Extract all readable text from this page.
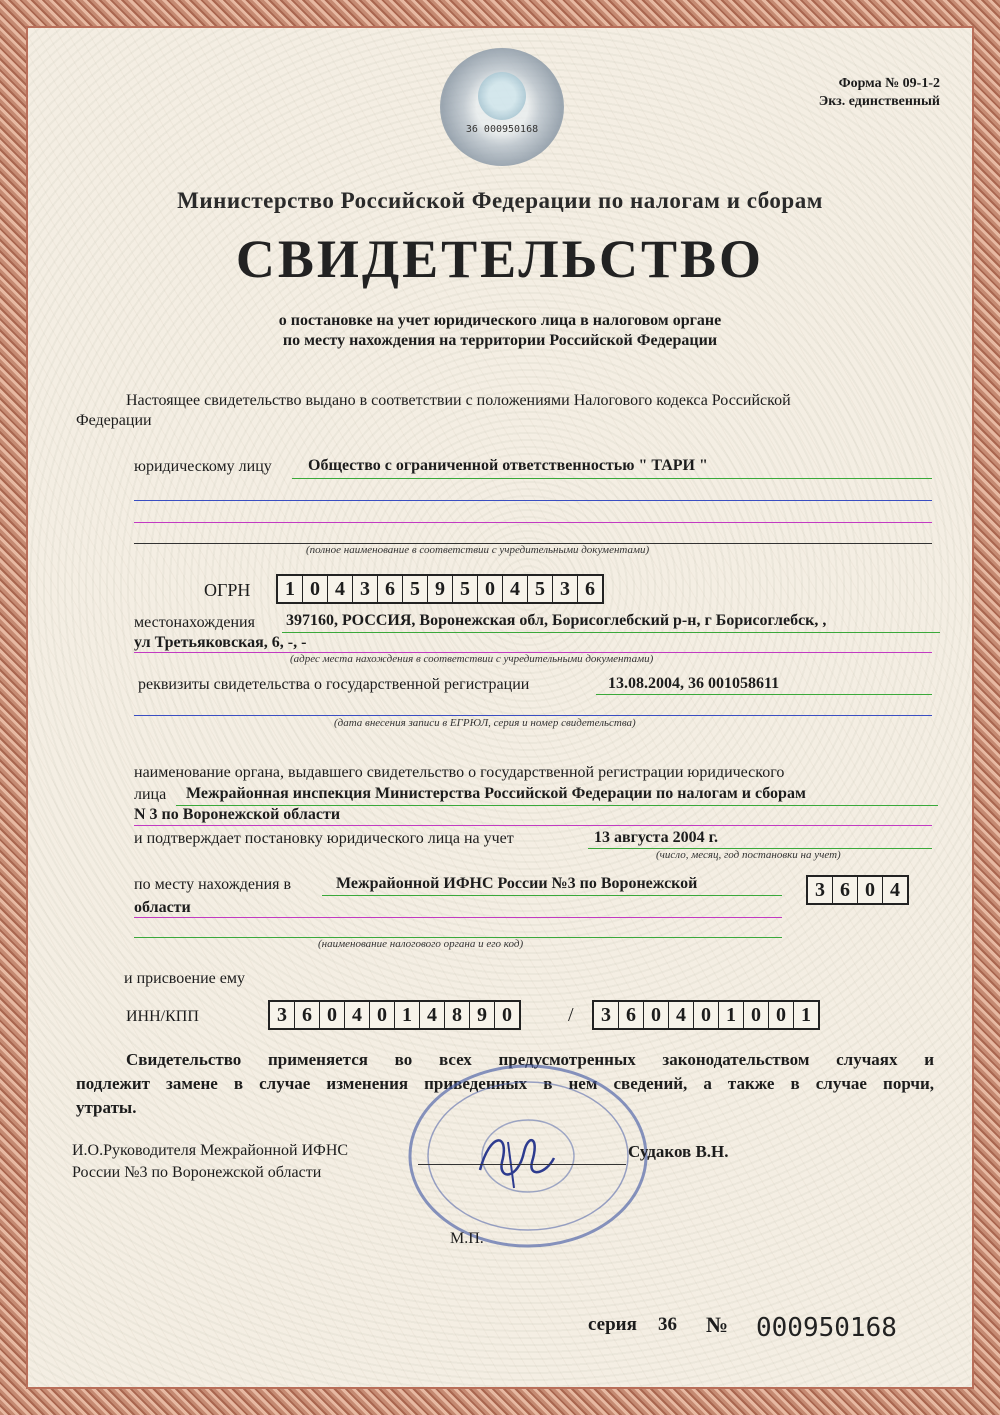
36 000950168
Форма № 09-1-2
Экз. единственный
Министерство Российской Федерации по налогам и сборам
СВИДЕТЕЛЬСТВО
о постановке на учет юридического лица в налоговом органе
по месту нахождения на территории Российской Федерации
Настоящее свидетельство выдано в соответствии с положениями Налогового кодекса Российской
Федерации
юридическому лицу Общество с ограниченной ответственностью " ТАРИ "
(полное наименование в соответствии с учредительными документами)
ОГРН	1 0 4 3 6 5 9 5 0 4 5 3 6
местонахождения 397160, РОССИЯ, Воронежская обл, Борисоглебский р-н, г Борисоглебск, ,
ул Третьяковская, 6, -, -
(адрес места нахождения в соответствии с учредительными документами)
реквизиты свидетельства о государственной регистрации	13.08.2004, 36 001058611
(дата внесения записи в ЕГРЮЛ, серия и номер свидетельства)
наименование органа, выдавшего свидетельство о государственной регистрации юридического
лица Межрайонная инспекция Министерства Российской Федерации по налогам и сборам
N 3 по Воронежской области
и подтверждает постановку юридического лица на учет	13 августа 2004 г.
(число, месяц, год постановки на учет)
по месту нахождения в	Межрайонной ИФНС России №3 по Воронежской
области
3 6 0 4
(наименование налогового органа и его код)
и присвоение ему
ИНН/КПП	3 6 0 4 0 1 4 8 9 0	/	3 6 0 4 0 1 0 0 1
Свидетельство применяется во всех предусмотренных законодательством случаях и
подлежит замене в случае изменения приведенных в нем сведений, а также в случае порчи,
утраты.
И.О.Руководителя Межрайонной ИФНС
России №3 по Воронежской области
Судаков В.Н.
М.П.
серия 36 № 000950168
